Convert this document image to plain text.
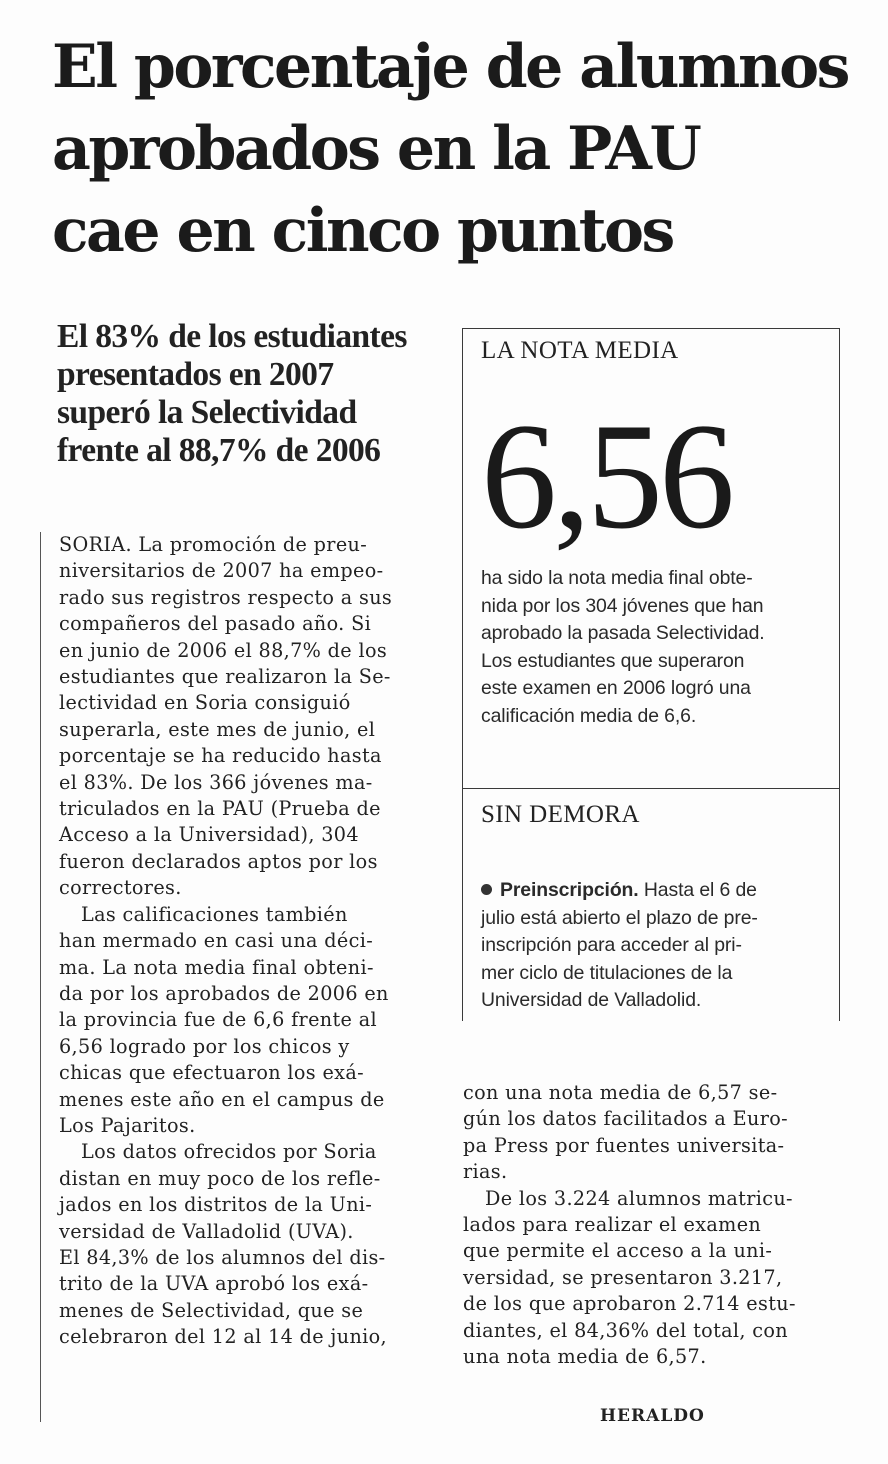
El porcentaje de alumnos
aprobados en la PAU
cae en cinco puntos
El 83% de los estudiantes
presentados en 2007
superó la Selectividad
frente al 88,7% de 2006

SORIA. La promoción de preu-
niversitarios de 2007 ha empeo-
rado sus registros respecto a sus
compañeros del pasado año. Si
en junio de 2006 el 88,7% de los
estudiantes que realizaron la Se-
lectividad en Soria consiguió
superarla, este mes de junio, el
porcentaje se ha reducido hasta
el 83%. De los 366 jóvenes ma-
triculados en la PAU (Prueba de
Acceso a la Universidad), 304
fueron declarados aptos por los
correctores.
Las calificaciones también
han mermado en casi una déci-
ma. La nota media final obteni-
da por los aprobados de 2006 en
la provincia fue de 6,6 frente al
6,56 logrado por los chicos y
chicas que efectuaron los exá-
menes este año en el campus de
Los Pajaritos.
Los datos ofrecidos por Soria
distan en muy poco de los refle-
jados en los distritos de la Uni-
versidad de Valladolid (UVA).
El 84,3% de los alumnos del dis-
trito de la UVA aprobó los exá-
menes de Selectividad, que se
celebraron del 12 al 14 de junio,

LA NOTA MEDIA
6,56
ha sido la nota media final obte-
nida por los 304 jóvenes que han
aprobado la pasada Selectividad.
Los estudiantes que superaron
este examen en 2006 logró una
calificación media de 6,6.
SIN DEMORA
Preinscripción. Hasta el 6 de
julio está abierto el plazo de pre-
inscripción para acceder al pri-
mer ciclo de titulaciones de la
Universidad de Valladolid.

con una nota media de 6,57 se-
gún los datos facilitados a Euro-
pa Press por fuentes universita-
rias.
De los 3.224 alumnos matricu-
lados para realizar el examen
que permite el acceso a la uni-
versidad, se presentaron 3.217,
de los que aprobaron 2.714 estu-
diantes, el 84,36% del total, con
una nota media de 6,57.

HERALDO
